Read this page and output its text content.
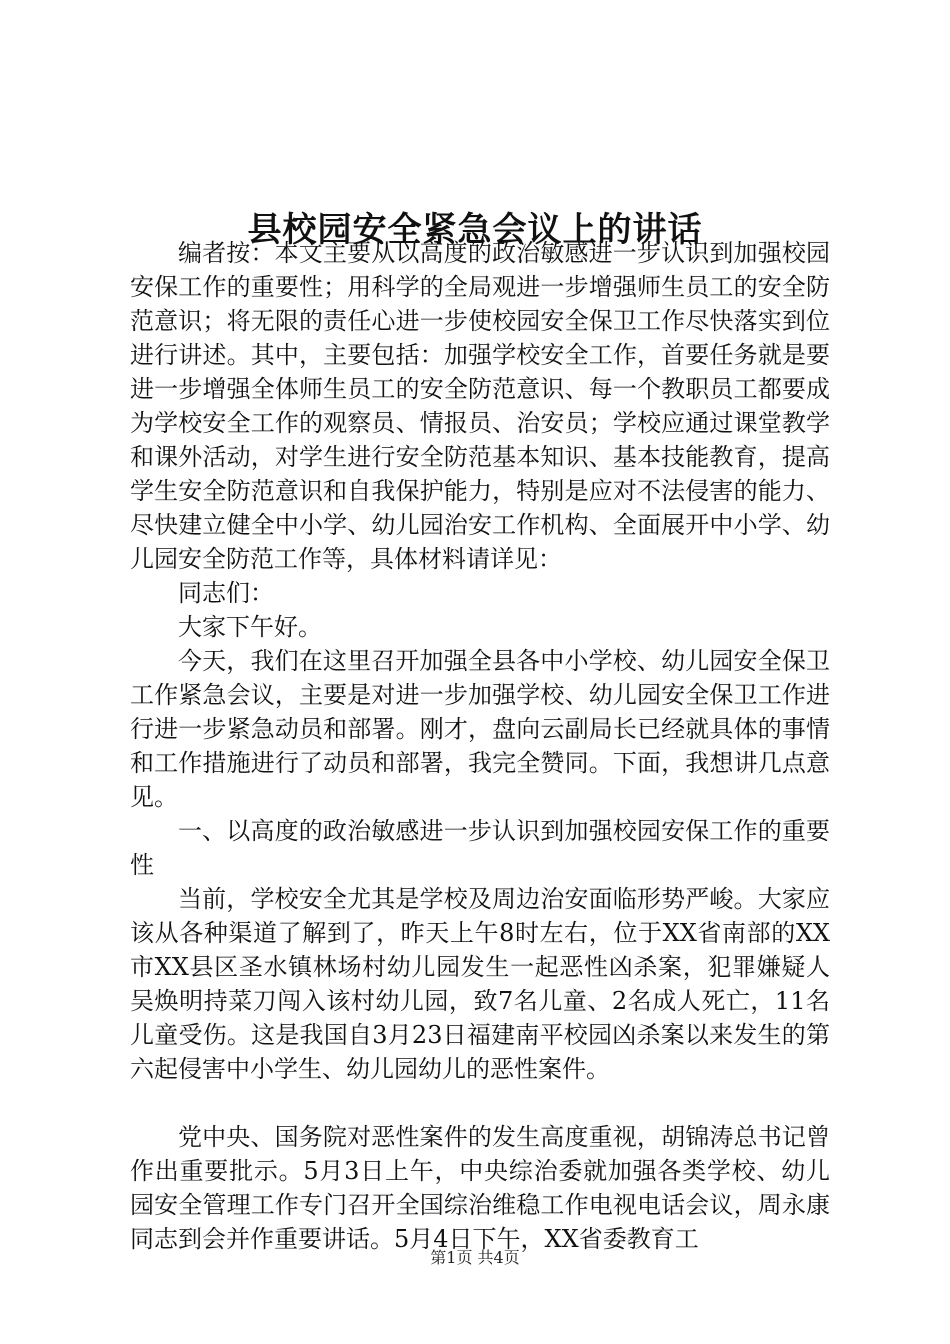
县校园安全紧急会议上的讲话

编者按：本文主要从以高度的政治敏感进一步认识到加强校园安保工作的重要性；用科学的全局观进一步增强师生员工的安全防范意识；将无限的责任心进一步使校园安全保卫工作尽快落实到位进行讲述。其中，主要包括：加强学校安全工作，首要任务就是要进一步增强全体师生员工的安全防范意识、每一个教职员工都要成为学校安全工作的观察员、情报员、治安员；学校应通过课堂教学和课外活动，对学生进行安全防范基本知识、基本技能教育，提高学生安全防范意识和自我保护能力，特别是应对不法侵害的能力、尽快建立健全中小学、幼儿园治安工作机构、全面展开中小学、幼儿园安全防范工作等，具体材料请详见：

同志们：

大家下午好。

今天，我们在这里召开加强全县各中小学校、幼儿园安全保卫工作紧急会议，主要是对进一步加强学校、幼儿园安全保卫工作进行进一步紧急动员和部署。刚才，盘向云副局长已经就具体的事情和工作措施进行了动员和部署，我完全赞同。下面，我想讲几点意见。

一、以高度的政治敏感进一步认识到加强校园安保工作的重要性

当前，学校安全尤其是学校及周边治安面临形势严峻。大家应该从各种渠道了解到了，昨天上午8时左右，位于XX省南部的XX市XX县区圣水镇林场村幼儿园发生一起恶性凶杀案，犯罪嫌疑人吴焕明持菜刀闯入该村幼儿园，致7名儿童、2名成人死亡，11名儿童受伤。这是我国自3月23日福建南平校园凶杀案以来发生的第六起侵害中小学生、幼儿园幼儿的恶性案件。

党中央、国务院对恶性案件的发生高度重视，胡锦涛总书记曾作出重要批示。5月3日上午，中央综治委就加强各类学校、幼儿园安全管理工作专门召开全国综治维稳工作电视电话会议，周永康同志到会并作重要讲话。5月4日下午，XX省委教育工

第1页 共4页
